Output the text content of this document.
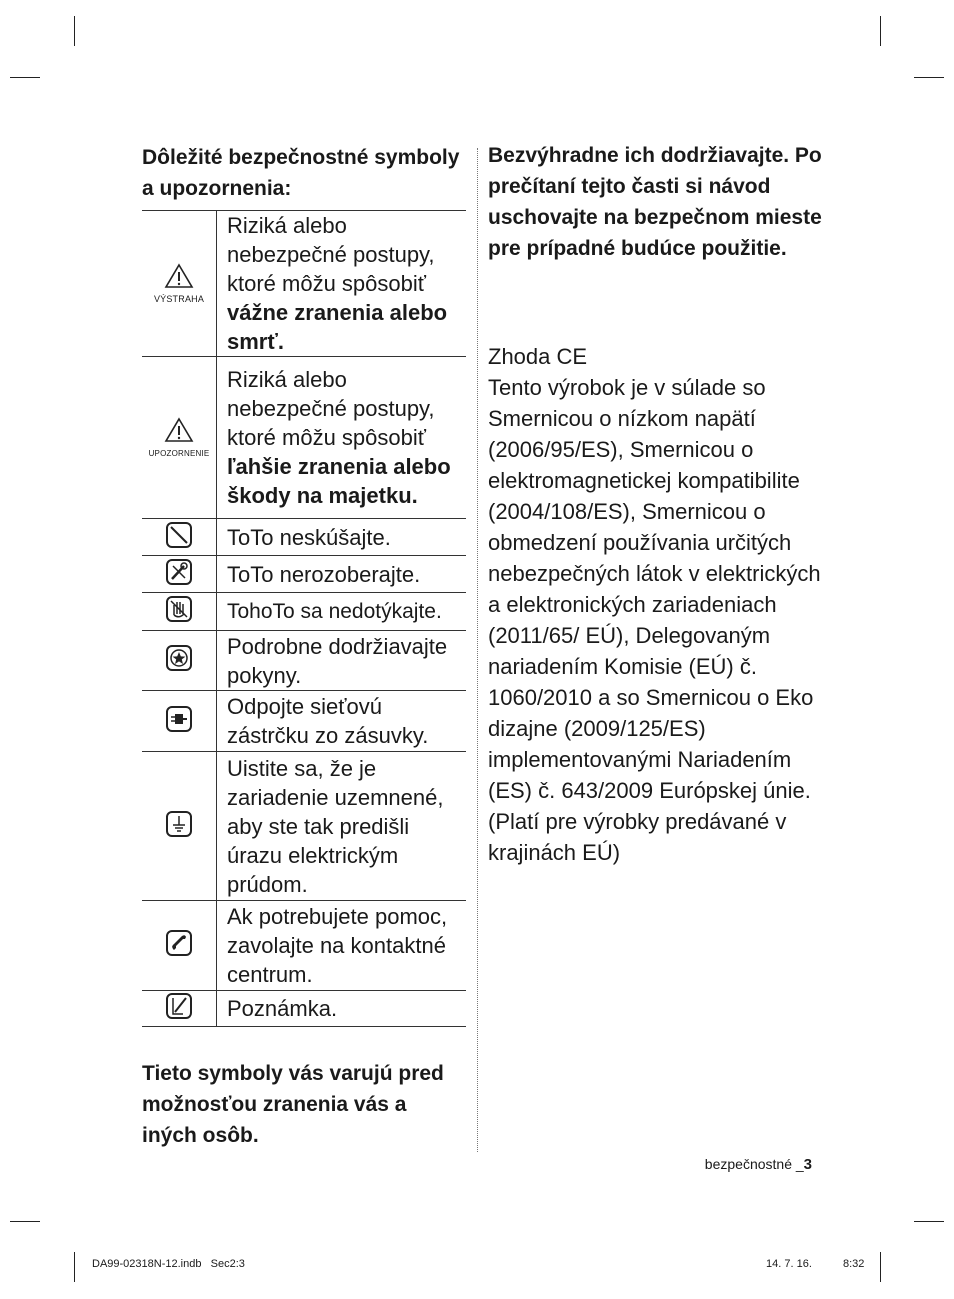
Dôležité bezpečnostné symboly a upozornenia:

VÝSTRAHA	Riziká alebo nebezpečné postupy, ktoré môžu spôsobiť vážne zranenia alebo smrť.

UPOZORNENIE	Riziká alebo nebezpečné postupy, ktoré môžu spôsobiť ľahšie zranenia alebo škody na majetku.
	ToTo neskúšajte.
	ToTo nerozoberajte.
	TohoTo sa nedotýkajte.
	Podrobne dodržiavajte pokyny.
	Odpojte sieťovú zástrčku zo zásuvky.
	Uistite sa, že je zariadenie uzemnené, aby ste tak predišli úrazu elektrickým prúdom.
	Ak potrebujete pomoc, zavolajte na kontaktné centrum.
	Poznámka.

Tieto symboly vás varujú pred možnosťou zranenia vás a iných osôb.

Bezvýhradne ich dodržiavajte. Po prečítaní tejto časti si návod uschovajte na bezpečnom mieste pre prípadné budúce použitie.

Zhoda CE

Tento výrobok je v súlade so Smernicou o nízkom napätí (2006/95/ES), Smernicou o elektromagnetickej kompatibilite (2004/108/ES), Smernicou o obmedzení používania určitých nebezpečných látok v elektrických a elektronických zariadeniach (2011/65/ EÚ), Delegovaným nariadením Komisie (EÚ) č. 1060/2010 a so Smernicou o Eko dizajne (2009/125/ES) implementovanými Nariadením (ES) č. 643/2009 Európskej únie. (Platí pre výrobky predávané v krajinách EÚ)

bezpečnostné _3
DA99-02318N-12.indb   Sec2:3	14. 7. 16.	8:32
